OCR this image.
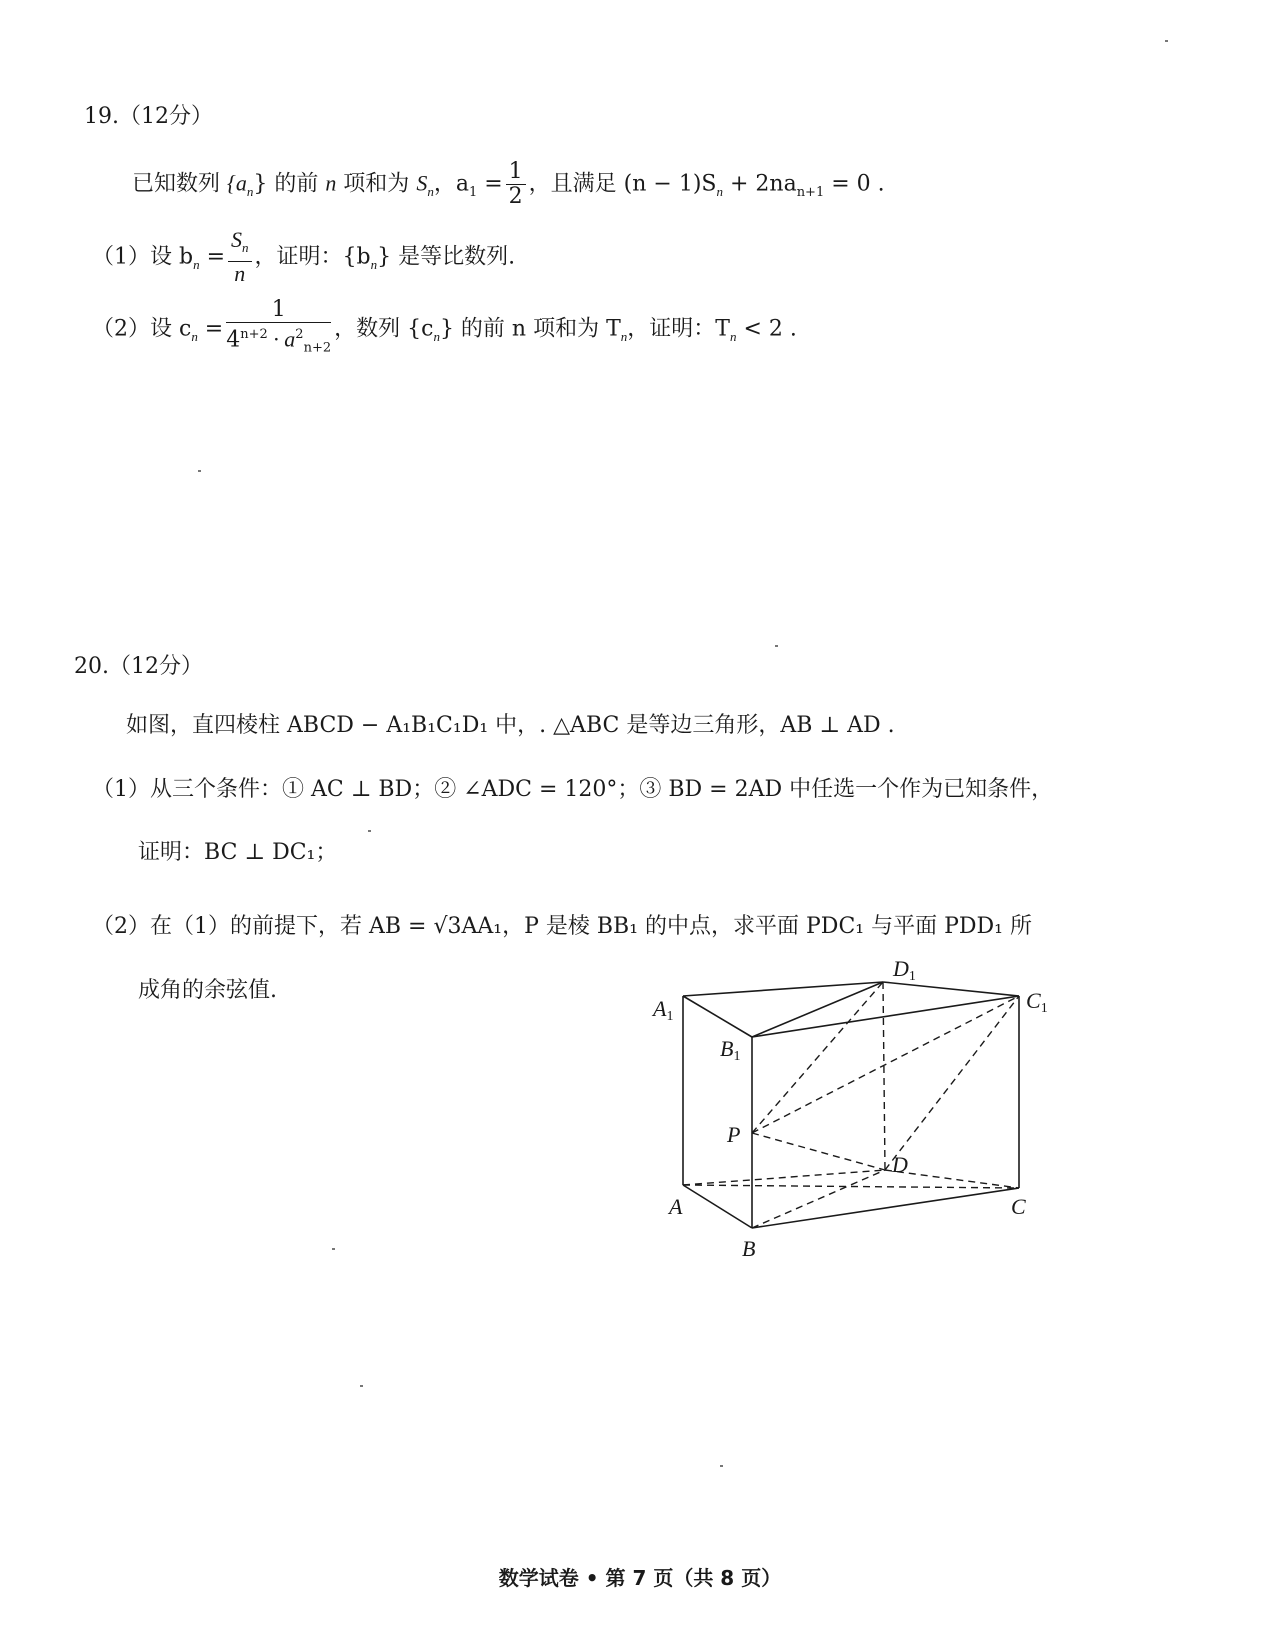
19.（12分）
已知数列 $\{a_n\}$ 的前 n 项和为 $S_n$，$a_1 = \frac{1}{2}$ ，且满足 $(n - 1)S_n + 2na_{n+1} = 0$ .
（1）设 $b_n = \frac{S_n}{n}$ ，证明：$\{b_n\}$ 是等比数列.
（2）设 $c_n = \frac{1}{4^{n+2} \cdot a^2_{n+2}}$ ，数列 $\{c_n\}$ 的前 n 项和为 $T_n$，证明：$T_n < 2$ .
20.（12分）
如图，直四棱柱 ABCD − A₁B₁C₁D₁ 中，. △ABC 是等边三角形，AB ⊥ AD .
（1）从三个条件：① AC ⊥ BD；② ∠ADC = 120°；③ BD = 2AD 中任选一个作为已知条件，
证明：BC ⊥ DC₁；
（2）在（1）的前提下，若 AB = √3AA₁，P 是棱 BB₁ 的中点，求平面 PDC₁ 与平面 PDD₁ 所
成角的余弦值.
D1
C1
A1
B1
P
D
A	C
B
数学试卷 • 第 7 页（共 8 页）
